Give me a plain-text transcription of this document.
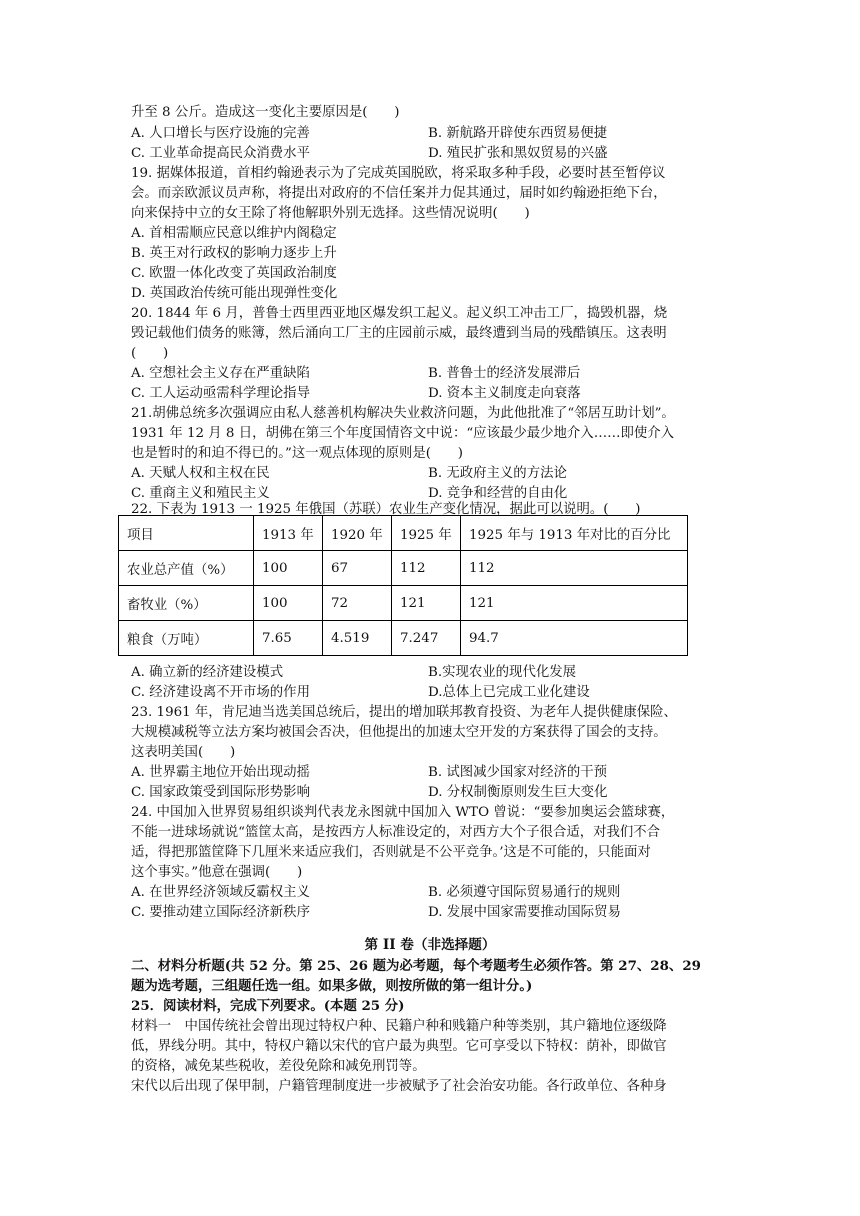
升至 8 公斤。造成这一变化主要原因是(　　)
A. 人口增长与医疗设施的完善	B. 新航路开辟使东西贸易便捷
C. 工业革命提高民众消费水平	D. 殖民扩张和黑奴贸易的兴盛
19. 据媒体报道，首相约翰逊表示为了完成英国脱欧，将采取多种手段，必要时甚至暂停议
会。而亲欧派议员声称，将提出对政府的不信任案并力促其通过，届时如约翰逊拒绝下台，
向来保持中立的女王除了将他解职外别无选择。这些情况说明(　　)
A. 首相需顺应民意以维护内阁稳定
B. 英王对行政权的影响力逐步上升
C. 欧盟一体化改变了英国政治制度
D. 英国政治传统可能出现弹性变化
20. 1844 年 6 月，普鲁士西里西亚地区爆发织工起义。起义织工冲击工厂，捣毁机器，烧
毁记载他们债务的账簿，然后涌向工厂主的庄园前示威，最终遭到当局的残酷镇压。这表明
(　　)
A. 空想社会主义存在严重缺陷	B. 普鲁士的经济发展滞后
C. 工人运动亟需科学理论指导	D. 资本主义制度走向衰落
21.胡佛总统多次强调应由私人慈善机构解决失业救济问题，为此他批准了“邻居互助计划”。
1931 年 12 月 8 日，胡佛在第三个年度国情咨文中说：“应该最少最少地介入……即使介入
也是暂时的和迫不得已的。”这一观点体现的原则是(　　)
A. 天赋人权和主权在民	B. 无政府主义的方法论
C. 重商主义和殖民主义	D. 竞争和经营的自由化
22. 下表为 1913 一 1925 年俄国（苏联）农业生产变化情况，据此可以说明。(　　)
项目	1913 年	1920 年	1925 年	1925 年与 1913 年对比的百分比
农业总产值（%）	100	67	112	112
畜牧业（%）	100	72	121	121
粮食（万吨）	7.65	4.519	7.247	94.7
A. 确立新的经济建设模式	B.实现农业的现代化发展
C. 经济建设离不开市场的作用	D.总体上已完成工业化建设
23. 1961 年，肯尼迪当选美国总统后，提出的增加联邦教育投资、为老年人提供健康保险、
大规模减税等立法方案均被国会否决，但他提出的加速太空开发的方案获得了国会的支持。
这表明美国(　　)
A. 世界霸主地位开始出现动摇	B. 试图减少国家对经济的干预
C. 国家政策受到国际形势影响	D. 分权制衡原则发生巨大变化
24. 中国加入世界贸易组织谈判代表龙永图就中国加入 WTO 曾说：“要参加奥运会篮球赛，
不能一进球场就说“篮筐太高，是按西方人标准设定的，对西方大个子很合适，对我们不合
适，得把那篮筐降下几厘米来适应我们，否则就是不公平竞争。’这是不可能的，只能面对
这个事实。”他意在强调(　　)
A. 在世界经济领域反霸权主义	B. 必须遵守国际贸易通行的规则
C. 要推动建立国际经济新秩序	D. 发展中国家需要推动国际贸易
第 II 卷（非选择题）
二、材料分析题(共 52 分。第 25、26 题为必考题，每个考题考生必须作答。第 27、28、29
题为选考题，三组题任选一组。如果多做，则按所做的第一组计分。)
25．阅读材料，完成下列要求。(本题 25 分)
材料一　中国传统社会曾出现过特权户种、民籍户种和贱籍户种等类别，其户籍地位逐级降
低，界线分明。其中，特权户籍以宋代的官户最为典型。它可享受以下特权：荫补，即做官
的资格，减免某些税收，差役免除和减免刑罚等。
宋代以后出现了保甲制，户籍管理制度进一步被赋予了社会治安功能。各行政单位、各种身
